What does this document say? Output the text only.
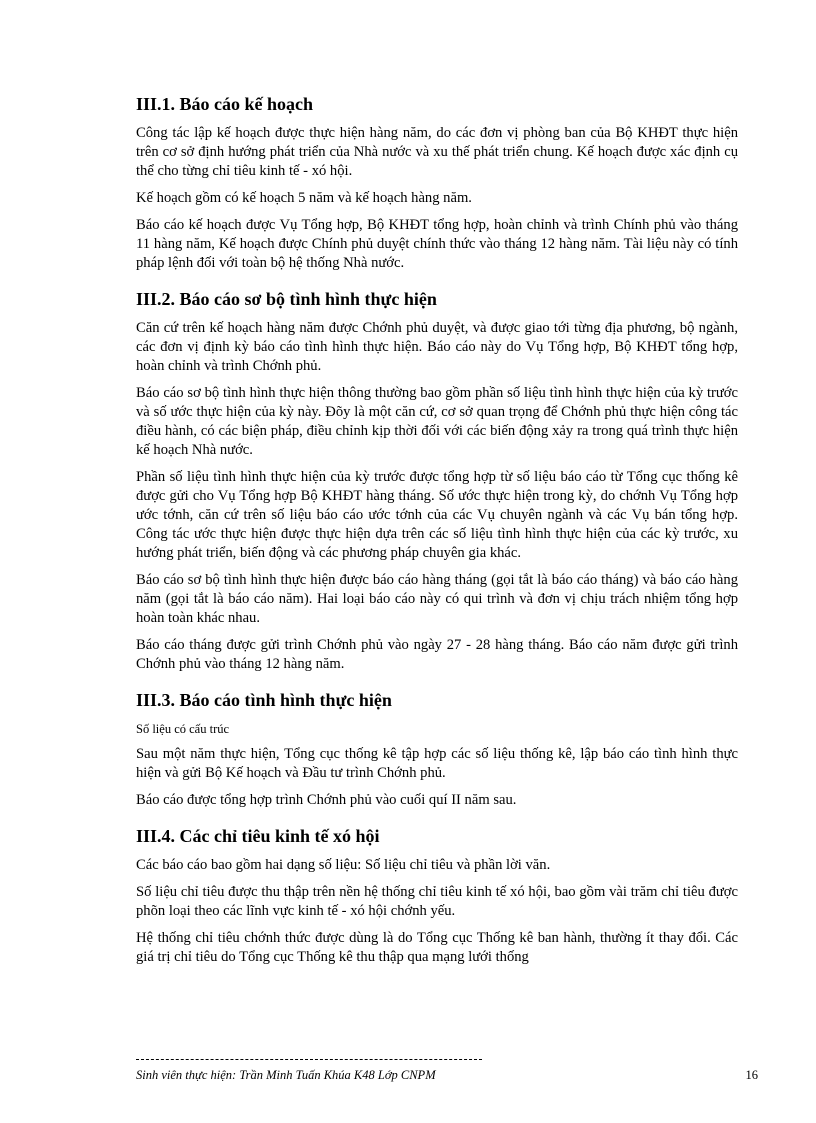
III.1. Báo cáo kế hoạch

Công tác lập kế hoạch được thực hiện hàng năm, do các đơn vị phòng ban của Bộ KHĐT thực hiện trên cơ sở định hướng phát triển của Nhà nước và xu thế phát triển chung. Kế hoạch được xác định cụ thể cho từng chỉ tiêu kinh tế - xó hội.

Kế hoạch gồm có kế hoạch 5 năm và kế hoạch hàng năm.

Báo cáo kế hoạch được Vụ Tổng hợp, Bộ KHĐT tổng hợp, hoàn chỉnh và trình Chính phủ vào tháng 11 hàng năm, Kế hoạch được Chính phủ duyệt chính thức vào tháng 12 hàng năm. Tài liệu này có tính pháp lệnh đối với toàn bộ hệ thống Nhà nước.

III.2. Báo cáo sơ bộ tình hình thực hiện

Căn cứ trên kế hoạch hàng năm được Chớnh phủ duyệt, và được giao tới từng địa phương, bộ ngành, các đơn vị định kỳ báo cáo tình hình thực hiện. Báo cáo này do Vụ Tổng hợp, Bộ KHĐT tổng hợp, hoàn chỉnh và trình Chớnh phủ.

Báo cáo sơ bộ tình hình thực hiện thông thường bao gồm phần số liệu tình hình thực hiện của kỳ trước và số ước thực hiện của kỳ này. Đõy là một căn cứ, cơ sở quan trọng để Chớnh phủ thực hiện công tác điều hành, có các biện pháp, điều chỉnh kịp thời đối với các biến động xảy ra trong quá trình thực hiện kế hoạch Nhà nước.

Phần số liệu tình hình thực hiện của kỳ trước được tổng hợp từ số liệu báo cáo từ Tổng cục thống kê được gửi cho Vụ Tổng hợp Bộ KHĐT hàng tháng. Số ước thực hiện trong kỳ, do chớnh Vụ Tổng hợp ước tớnh, căn cứ trên số liệu báo cáo ước tớnh của các Vụ chuyên ngành và các Vụ bán tổng hợp. Công tác ước thực hiện được thực hiện dựa trên các số liệu tình hình thực hiện của các kỳ trước, xu hướng phát triển, biến động và các phương pháp chuyên gia khác.

Báo cáo sơ bộ tình hình thực hiện được báo cáo hàng tháng (gọi tắt là báo cáo tháng) và báo cáo hàng năm (gọi tắt là báo cáo năm). Hai loại báo cáo này có qui trình và đơn vị chịu trách nhiệm tổng hợp hoàn toàn khác nhau.

Báo cáo tháng được gửi trình Chớnh phủ vào ngày 27 - 28 hàng tháng. Báo cáo năm được gửi trình Chớnh phủ vào tháng 12 hàng năm.

III.3. Báo cáo tình hình thực hiện

Số liệu có cấu trúc

Sau một năm thực hiện, Tổng cục thống kê tập hợp các số liệu thống kê, lập báo cáo tình hình thực hiện và gửi Bộ Kế hoạch và Đầu tư trình Chớnh phủ.

Báo cáo được tổng hợp trình Chớnh phủ vào cuối quí II năm sau.

III.4. Các chỉ tiêu kinh tế xó hội

Các báo cáo bao gồm hai dạng số liệu: Số liệu chỉ tiêu và phần lời văn.

Số liệu chỉ tiêu được thu thập trên nền hệ thống chỉ tiêu kinh tế xó hội, bao gồm vài trăm chỉ tiêu được phõn loại theo các lĩnh vực kinh tế - xó hội chớnh yếu.

Hệ thống chỉ tiêu chớnh thức được dùng là do Tổng cục Thống kê ban hành, thường ít thay đổi. Các giá trị chỉ tiêu do Tổng cục Thống kê thu thập qua mạng lưới thống

Sinh viên thực hiện: Trần Minh Tuấn Khúa K48 Lớp CNPM	16
